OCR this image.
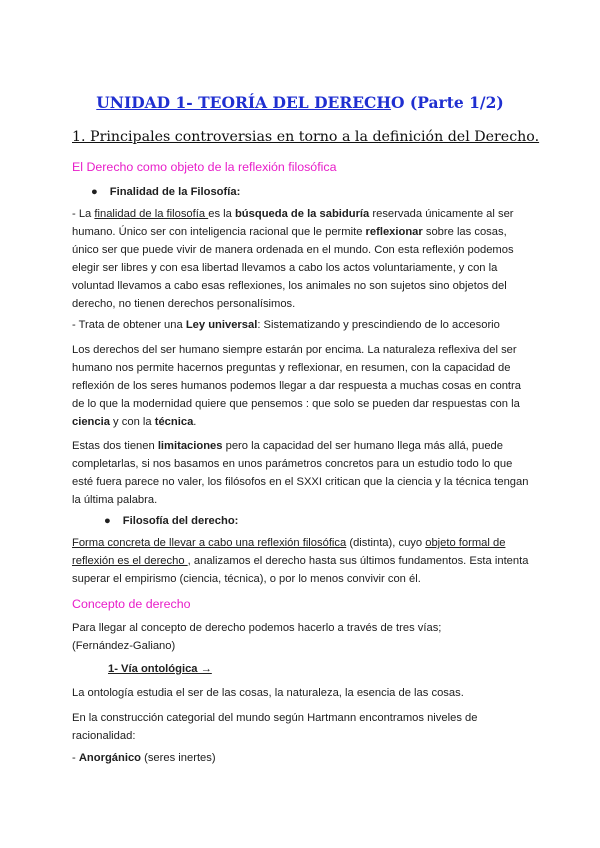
UNIDAD 1- TEORÍA DEL DERECHO (Parte 1/2)
1. Principales controversias en torno a la definición del Derecho.
El Derecho como objeto de la reflexión filosófica
● Finalidad de la Filosofía:
- La finalidad de la filosofía es la búsqueda de la sabiduría reservada únicamente al ser
humano. Único ser con inteligencia racional que le permite reflexionar sobre las cosas,
único ser que puede vivir de manera ordenada en el mundo. Con esta reflexión podemos
elegir ser libres y con esa libertad llevamos a cabo los actos voluntariamente, y con la
voluntad llevamos a cabo esas reflexiones, los animales no son sujetos sino objetos del
derecho, no tienen derechos personalísimos.
- Trata de obtener una Ley universal: Sistematizando y prescindiendo de lo accesorio
Los derechos del ser humano siempre estarán por encima. La naturaleza reflexiva del ser
humano nos permite hacernos preguntas y reflexionar, en resumen, con la capacidad de
reflexión de los seres humanos podemos llegar a dar respuesta a muchas cosas en contra
de lo que la modernidad quiere que pensemos : que solo se pueden dar respuestas con la
ciencia y con la técnica.
Estas dos tienen limitaciones pero la capacidad del ser humano llega más allá, puede
completarlas, si nos basamos en unos parámetros concretos para un estudio todo lo que
esté fuera parece no valer, los filósofos en el SXXI critican que la ciencia y la técnica tengan
la última palabra.
● Filosofía del derecho:
Forma concreta de llevar a cabo una reflexión filosófica (distinta), cuyo objeto formal de
reflexión es el derecho , analizamos el derecho hasta sus últimos fundamentos. Esta intenta
superar el empirismo (ciencia, técnica), o por lo menos convivir con él.
Concepto de derecho
Para llegar al concepto de derecho podemos hacerlo a través de tres vías;
(Fernández-Galiano)
1- Vía ontológica →
La ontología estudia el ser de las cosas, la naturaleza, la esencia de las cosas.
En la construcción categorial del mundo según Hartmann encontramos niveles de
racionalidad:
- Anorgánico (seres inertes)
